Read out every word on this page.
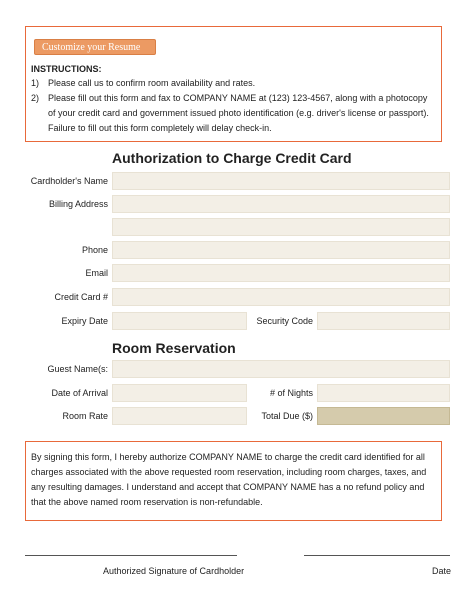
Customize your Resume
INSTRUCTIONS:
1) Please call us to confirm room availability and rates.
2) Please fill out this form and fax to COMPANY NAME at (123) 123-4567, along with a photocopy of your credit card and government issued photo identification (e.g. driver's license or passport). Failure to fill out this form completely will delay check-in.
Authorization to Charge Credit Card
Cardholder's Name
Billing Address
Phone
Email
Credit Card #
Expiry Date	Security Code
Room Reservation
Guest Name(s:
Date of Arrival	# of Nights
Room Rate	Total Due ($)
By signing this form, I hereby authorize COMPANY NAME to charge the credit card identified for all charges associated with the above requested room reservation, including room charges, taxes, and any resulting damages. I understand and accept that COMPANY NAME has a no refund policy and that the above named room reservation is non-refundable.
Authorized Signature of Cardholder	Date
